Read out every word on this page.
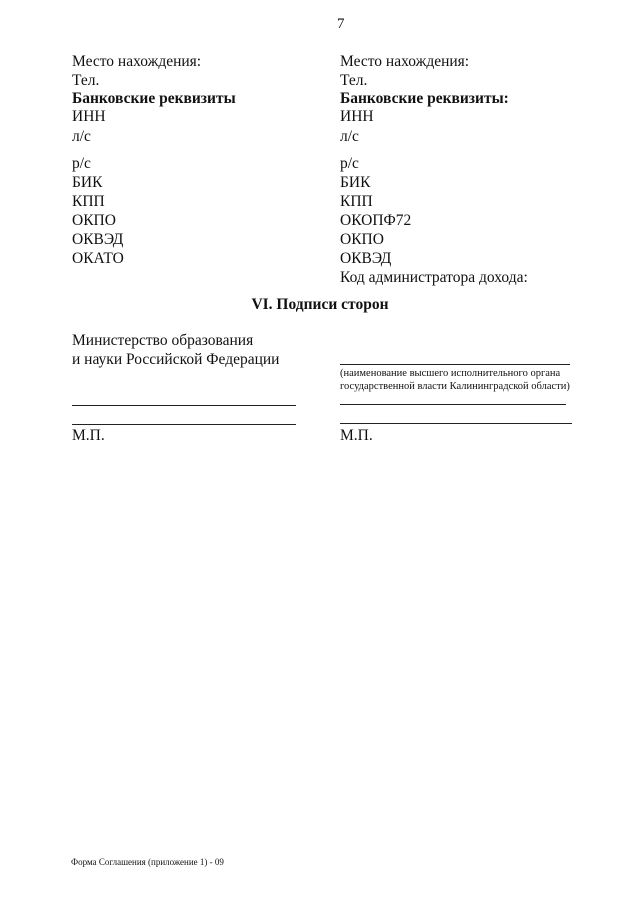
7
Место нахождения:
Тел.
Банковские реквизиты
ИНН
л/с
р/с
БИК
КПП
ОКПО
ОКВЭД
ОКАТО
Место нахождения:
Тел.
Банковские реквизиты:
ИНН
л/с
р/с
БИК
КПП
ОКОПФ72
ОКПО
ОКВЭД
Код администратора дохода:
VI. Подписи сторон
Министерство образования
и науки Российской Федерации
(наименование высшего исполнительного органа
государственной власти Калининградской области)
М.П.	М.П.
Форма Соглашения (приложение 1) - 09
